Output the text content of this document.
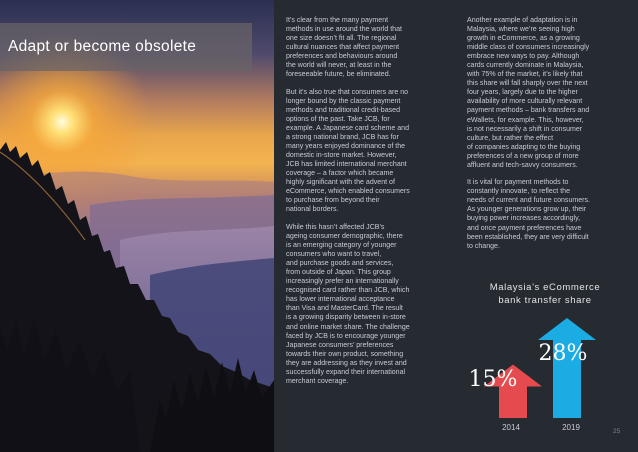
Adapt or become obsolete

It’s clear from the many payment
methods in use around the world that
one size doesn’t fit all. The regional
cultural nuances that affect payment
preferences and behaviours around
the world will never, at least in the
foreseeable future, be eliminated.

But it’s also true that consumers are no
longer bound by the classic payment
methods and traditional credit-based
options of the past. Take JCB, for
example. A Japanese card scheme and
a strong national brand, JCB has for
many years enjoyed dominance of the
domestic in-store market. However,
JCB has limited international merchant
coverage – a factor which became
highly significant with the advent of
eCommerce, which enabled consumers
to purchase from beyond their
national borders.

While this hasn’t affected JCB’s
ageing consumer demographic, there
is an emerging category of younger
consumers who want to travel,
and purchase goods and services,
from outside of Japan. This group
increasingly prefer an internationally
recognised card rather than JCB, which
has lower international acceptance
than Visa and MasterCard. The result
is a growing disparity between in-store
and online market share. The challenge
faced by JCB is to encourage younger
Japanese consumers’ preferences
towards their own product, something
they are addressing as they invest and
successfully expand their international
merchant coverage.

Another example of adaptation is in
Malaysia, where we’re seeing high
growth in eCommerce, as a growing
middle class of consumers increasingly
embrace new ways to pay. Although
cards currently dominate in Malaysia,
with 75% of the market, it’s likely that
this share will fall sharply over the next
four years, largely due to the higher
availability of more culturally relevant
payment methods – bank transfers and
eWallets, for example. This, however,
is not necessarily a shift in consumer
culture, but rather the effect
of companies adapting to the buying
preferences of a new group of more
affluent and tech-savvy consumers.

It is vital for payment methods to
constantly innovate, to reflect the
needs of current and future consumers.
As younger generations grow up, their
buying power increases accordingly,
and once payment preferences have
been established, they are very difficult
to change.

Malaysia’s eCommerce
bank transfer share
15%
28%
2014	2019	25
